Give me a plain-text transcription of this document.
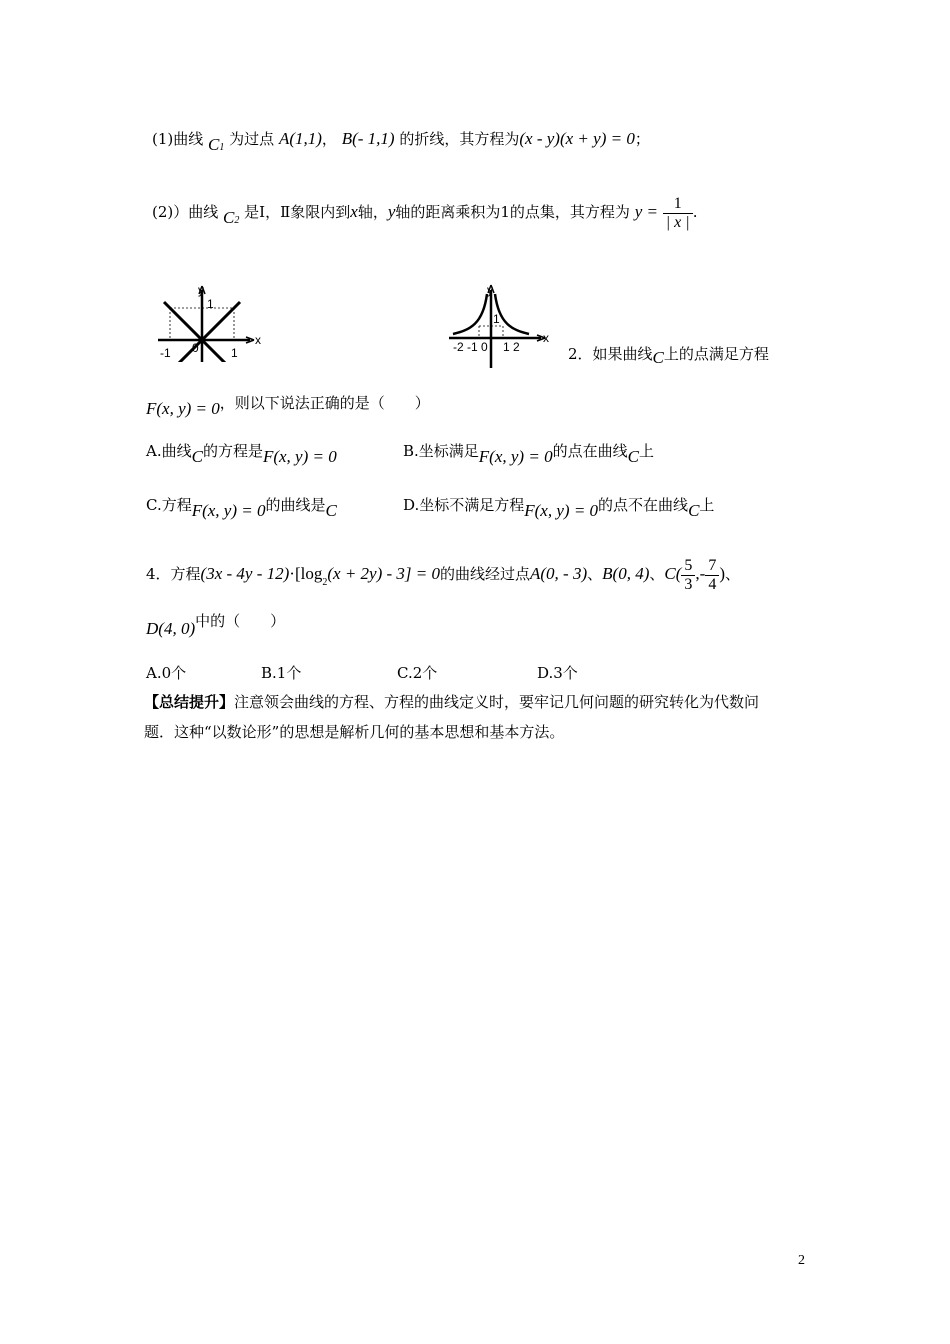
(1)曲线 $C_1$ 为过点 A(1,1)， B(- 1,1) 的折线，其方程为(x - y)(x + y) = 0；
(2)）曲线 $C_2$ 是Ⅰ，Ⅱ象限内到x轴，y轴的距离乘积为1的点集，其方程为 $y = \frac{1}{| x |}$ .
y
x
1
-1 0	1
y
x
1
-2 -1 0 1 2	2．如果曲线C上的点满足方程
F(x, y) = 0，则以下说法正确的是（　　）
A.曲线C的方程是F(x, y) = 0	B.坐标满足F(x, y) = 0的点在曲线C上
C.方程F(x, y) = 0的曲线是C	D.坐标不满足方程F(x, y) = 0的点不在曲线C上
4．方程$(3x - 4y - 12)\cdot[\log_2(x + 2y) - 3] = 0$的曲线经过点A(0, - 3)、B(0, 4)、$C( \frac{5}{3}$ ,- $\frac{7}{4}$ )、
D(4, 0)中的（　　）
A.0个	B.1个	C.2个	D.3个
【总结提升】注意领会曲线的方程、方程的曲线定义时，要牢记几何问题的研究转化为代数问
题．这种“以数论形”的思想是解析几何的基本思想和基本方法。
2
